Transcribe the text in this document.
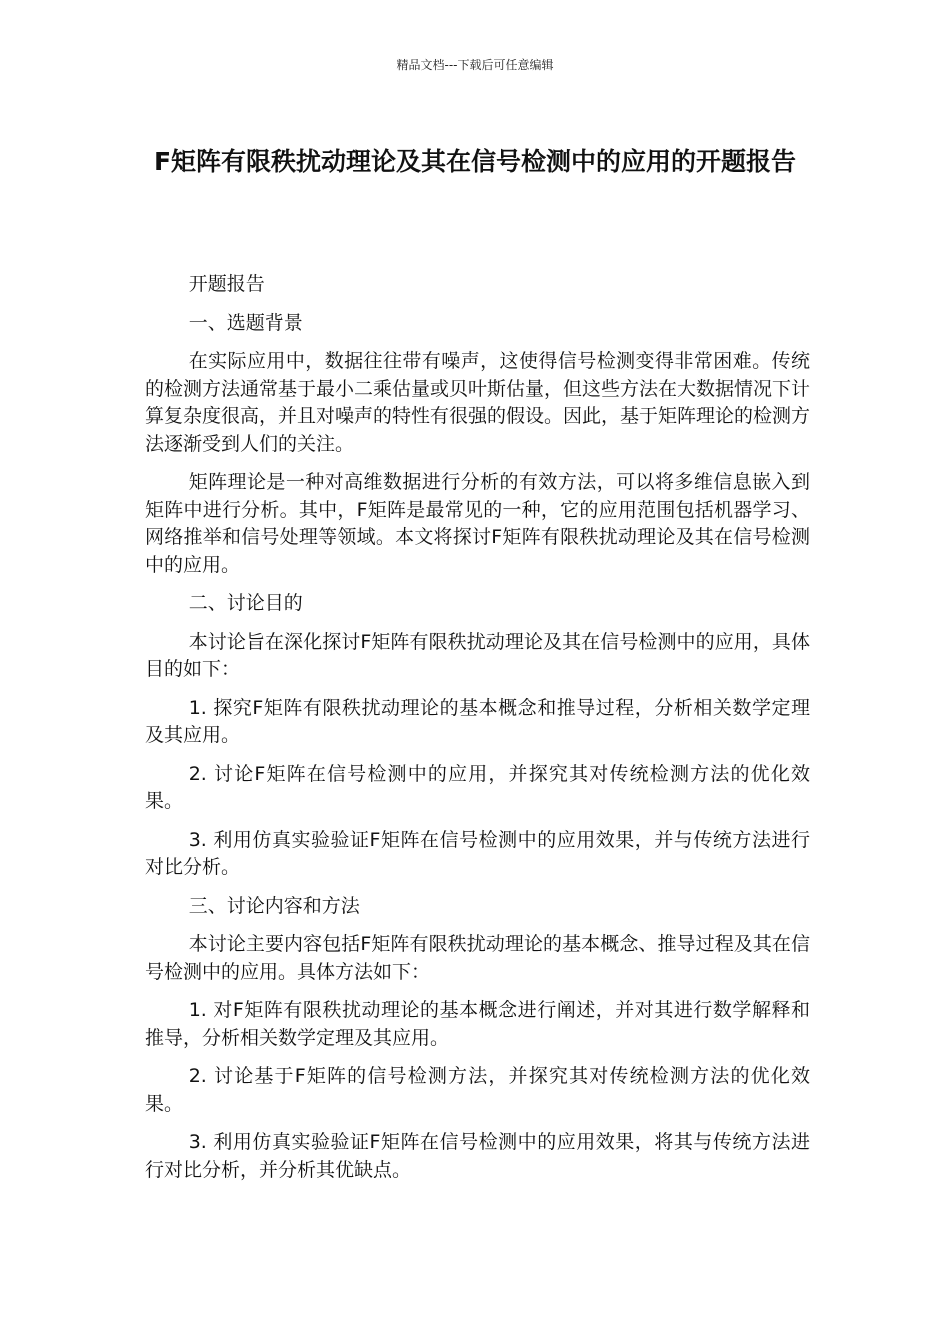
精品文档---下载后可任意编辑
F矩阵有限秩扰动理论及其在信号检测中的应用的开题报告

开题报告

一、选题背景

在实际应用中，数据往往带有噪声，这使得信号检测变得非常困难。传统的检测方法通常基于最小二乘估量或贝叶斯估量，但这些方法在大数据情况下计算复杂度很高，并且对噪声的特性有很强的假设。因此，基于矩阵理论的检测方法逐渐受到人们的关注。

矩阵理论是一种对高维数据进行分析的有效方法，可以将多维信息嵌入到矩阵中进行分析。其中，F矩阵是最常见的一种，它的应用范围包括机器学习、网络推举和信号处理等领域。本文将探讨F矩阵有限秩扰动理论及其在信号检测中的应用。

二、讨论目的

本讨论旨在深化探讨F矩阵有限秩扰动理论及其在信号检测中的应用，具体目的如下：

1. 探究F矩阵有限秩扰动理论的基本概念和推导过程，分析相关数学定理及其应用。

2. 讨论F矩阵在信号检测中的应用，并探究其对传统检测方法的优化效果。

3. 利用仿真实验验证F矩阵在信号检测中的应用效果，并与传统方法进行对比分析。

三、讨论内容和方法

本讨论主要内容包括F矩阵有限秩扰动理论的基本概念、推导过程及其在信号检测中的应用。具体方法如下：

1. 对F矩阵有限秩扰动理论的基本概念进行阐述，并对其进行数学解释和推导，分析相关数学定理及其应用。

2. 讨论基于F矩阵的信号检测方法，并探究其对传统检测方法的优化效果。

3. 利用仿真实验验证F矩阵在信号检测中的应用效果，将其与传统方法进行对比分析，并分析其优缺点。
